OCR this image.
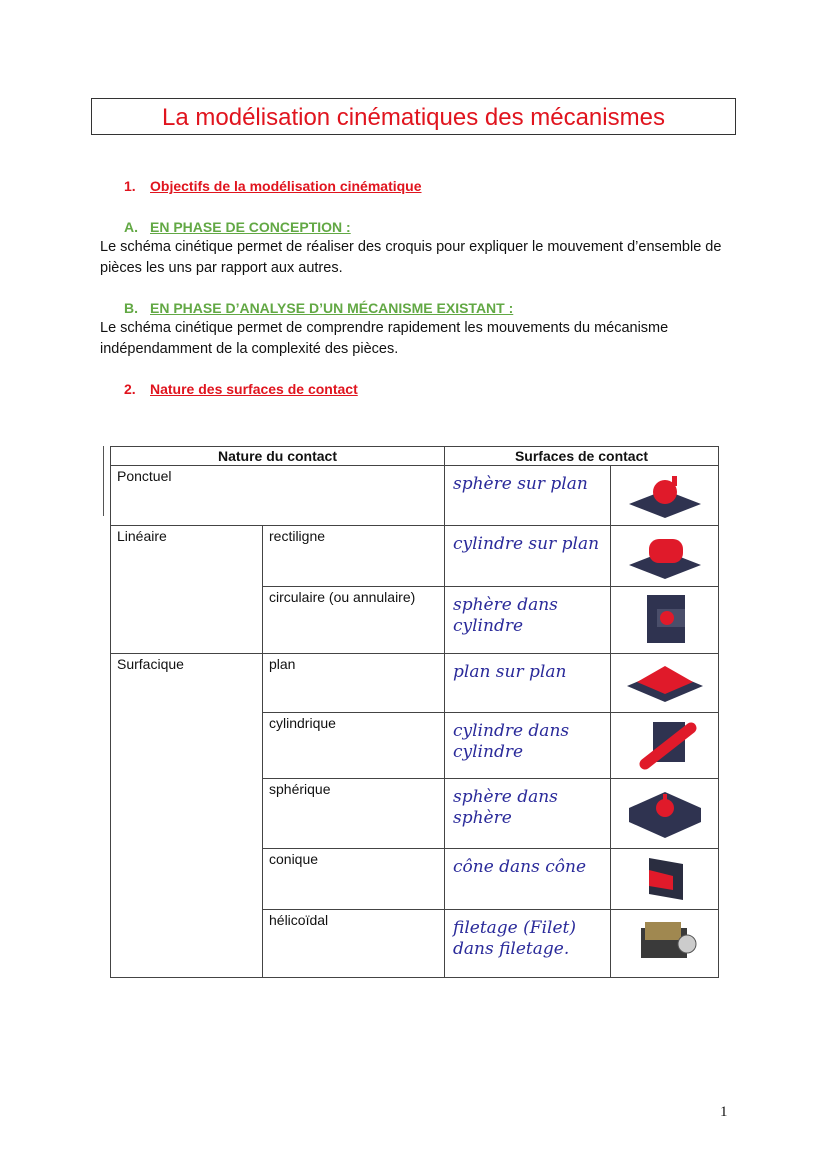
La modélisation cinématiques des mécanismes
1. Objectifs de la modélisation cinématique
A. EN PHASE DE CONCEPTION :
Le schéma cinétique permet de réaliser des croquis pour expliquer le mouvement d’ensemble de pièces les uns par rapport aux autres.
B. EN PHASE D’ANALYSE D’UN MÉCANISME EXISTANT :
Le schéma cinétique permet de comprendre rapidement les mouvements du mécanisme indépendamment de la complexité des pièces.
2. Nature des surfaces de contact
Nature du contact		Surfaces de contact	
Ponctuel		sphère sur plan	
Linéaire	rectiligne	cylindre sur plan	
	circulaire (ou annulaire)	sphère dans cylindre	
Surfacique	plan	plan sur plan	
	cylindrique	cylindre dans cylindre	
	sphérique	sphère dans sphère	
	conique	cône dans cône	
	hélicoïdal	filetage (Filet) dans filetage.	
1
